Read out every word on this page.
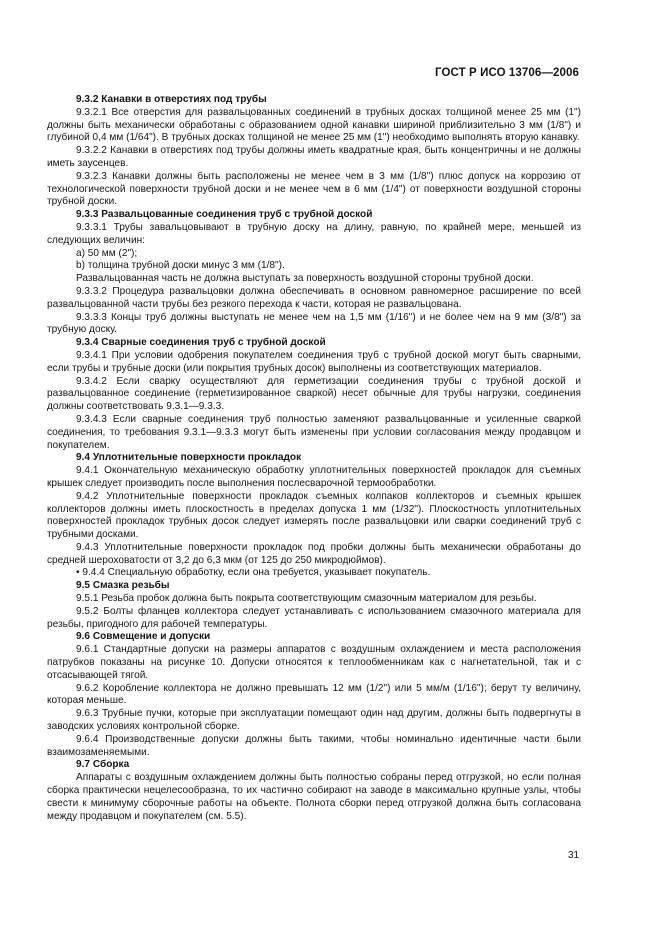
ГОСТ Р ИСО 13706—2006

9.3.2 Канавки в отверстиях под трубы

9.3.2.1 Все отверстия для развальцованных соединений в трубных досках толщиной менее 25 мм (1") должны быть механически обработаны с образованием одной канавки шириной приблизительно 3 мм (1/8") и глубиной 0,4 мм (1/64"). В трубных досках толщиной не менее 25 мм (1") необходимо выполнять вторую канавку.

9.3.2.2 Канавки в отверстиях под трубы должны иметь квадратные края, быть концентричны и не должны иметь заусенцев.

9.3.2.3 Канавки должны быть расположены не менее чем в 3 мм (1/8") плюс допуск на коррозию от технологической поверхности трубной доски и не менее чем в 6 мм (1/4") от поверхности воздушной стороны трубной доски.

9.3.3 Развальцованные соединения труб с трубной доской

9.3.3.1 Трубы завальцовывают в трубную доску на длину, равную, по крайней мере, меньшей из следующих величин:

а) 50 мм (2");

b) толщина трубной доски минус 3 мм (1/8").

Развальцованная часть не должна выступать за поверхность воздушной стороны трубной доски.

9.3.3.2 Процедура развальцовки должна обеспечивать в основном равномерное расширение по всей развальцованной части трубы без резкого перехода к части, которая не развальцована.

9.3.3.3 Концы труб должны выступать не менее чем на 1,5 мм (1/16") и не более чем на 9 мм (3/8") за трубную доску.

9.3.4 Сварные соединения труб с трубной доской

9.3.4.1 При условии одобрения покупателем соединения труб с трубной доской могут быть сварными, если трубы и трубные доски (или покрытия трубных досок) выполнены из соответствующих материалов.

9.3.4.2 Если сварку осуществляют для герметизации соединения трубы с трубной доской и развальцованное соединение (герметизированное сваркой) несет обычные для трубы нагрузки, соединения должны соответствовать 9.3.1—9.3.3.

9.3.4.3 Если сварные соединения труб полностью заменяют развальцованные и усиленные сваркой соединения, то требования 9.3.1—9.3.3 могут быть изменены при условии согласования между продавцом и покупателем.

9.4 Уплотнительные поверхности прокладок

9.4.1 Окончательную механическую обработку уплотнительных поверхностей прокладок для съемных крышек следует производить после выполнения послесварочной термообработки.

9.4.2 Уплотнительные поверхности прокладок съемных колпаков коллекторов и съемных крышек коллекторов должны иметь плоскостность в пределах допуска 1 мм (1/32"). Плоскостность уплотнительных поверхностей прокладок трубных досок следует измерять после развальцовки или сварки соединений труб с трубными досками.

9.4.3 Уплотнительные поверхности прокладок под пробки должны быть механически обработаны до средней шероховатости от 3,2 до 6,3 мкм (от 125 до 250 микродюймов).

• 9.4.4 Специальную обработку, если она требуется, указывает покупатель.

9.5 Смазка резьбы

9.5.1 Резьба пробок должна быть покрыта соответствующим смазочным материалом для резьбы.

9.5.2 Болты фланцев коллектора следует устанавливать с использованием смазочного материала для резьбы, пригодного для рабочей температуры.

9.6 Совмещение и допуски

9.6.1 Стандартные допуски на размеры аппаратов с воздушным охлаждением и места расположения патрубков показаны на рисунке 10. Допуски относятся к теплообменникам как с нагнетательной, так и с отсасывающей тягой.

9.6.2 Коробление коллектора не должно превышать 12 мм (1/2") или 5 мм/м (1/16"); берут ту величину, которая меньше.

9.6.3 Трубные пучки, которые при эксплуатации помещают один над другим, должны быть подвергнуты в заводских условиях контрольной сборке.

9.6.4 Производственные допуски должны быть такими, чтобы номинально идентичные части были взаимозаменяемыми.

9.7 Сборка

Аппараты с воздушным охлаждением должны быть полностью собраны перед отгрузкой, но если полная сборка практически нецелесообразна, то их частично собирают на заводе в максимально крупные узлы, чтобы свести к минимуму сборочные работы на объекте. Полнота сборки перед отгрузкой должна быть согласована между продавцом и покупателем (см. 5.5).

31
